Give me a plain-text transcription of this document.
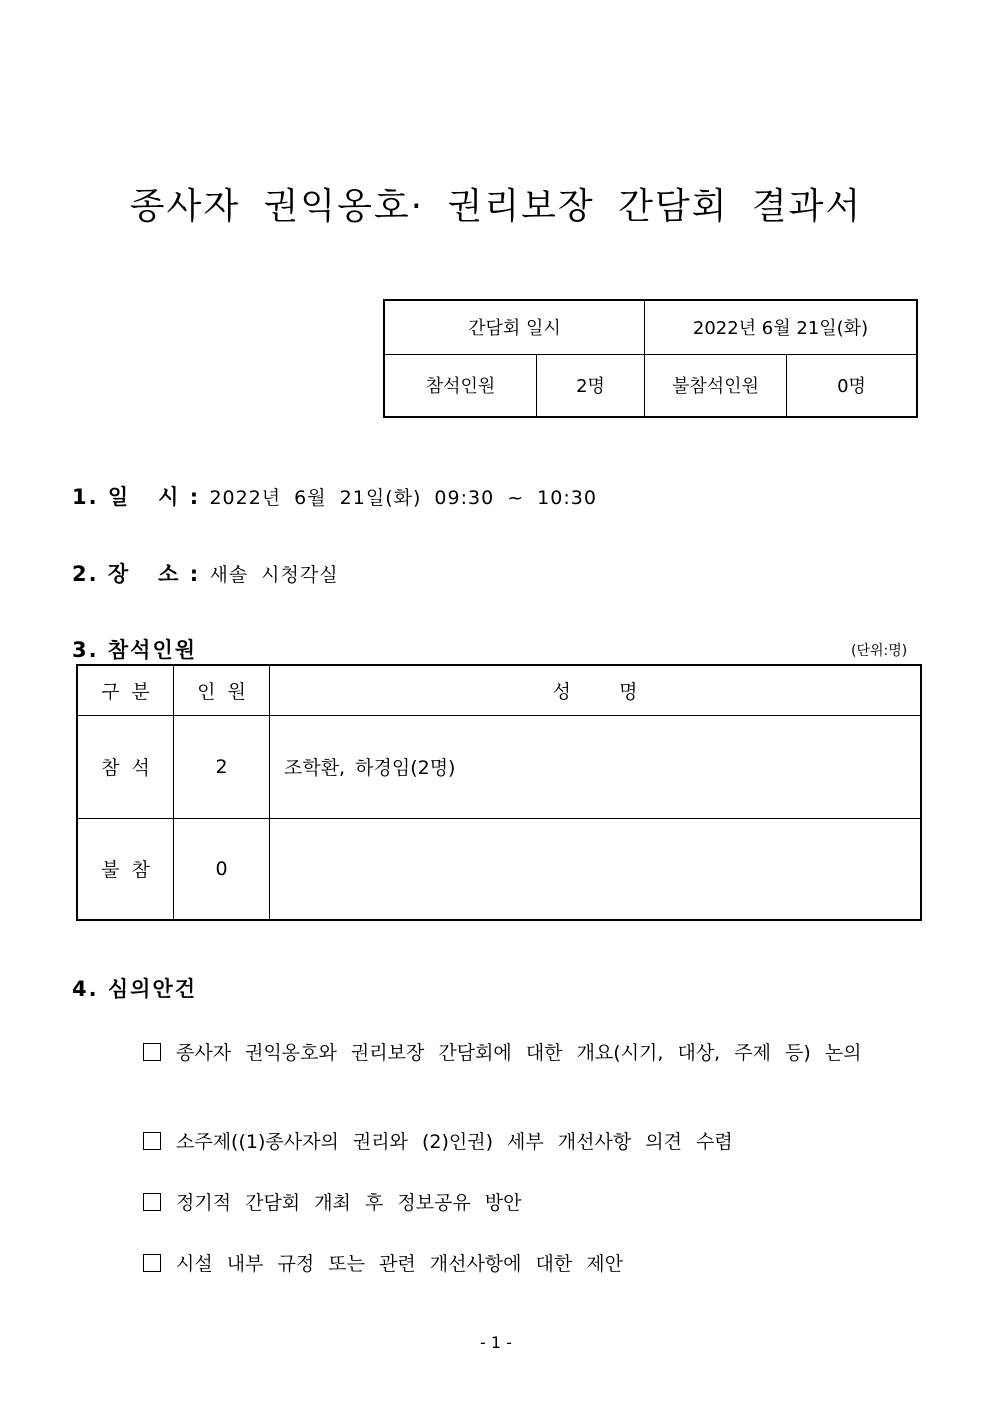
종사자 권익옹호· 권리보장 간담회 결과서
간담회 일시		2022년 6월 21일(화)	
참석인원	2명	불참석인원	0명
1. 일   시 : 2022년 6월 21일(화) 09:30 ~ 10:30
2. 장   소 : 새솔 시청각실
3. 참석인원	(단위:명)
구  분	인  원	성        명
참  석	2	조학환, 하경임(2명)
불  참	0	
4. 심의안건
종사자 권익옹호와 권리보장 간담회에 대한 개요(시기, 대상, 주제 등) 논의
소주제((1)종사자의 권리와 (2)인권) 세부 개선사항 의견 수렴
정기적 간담회 개최 후 정보공유 방안
시설 내부 규정 또는 관련 개선사항에 대한 제안
- 1 -
